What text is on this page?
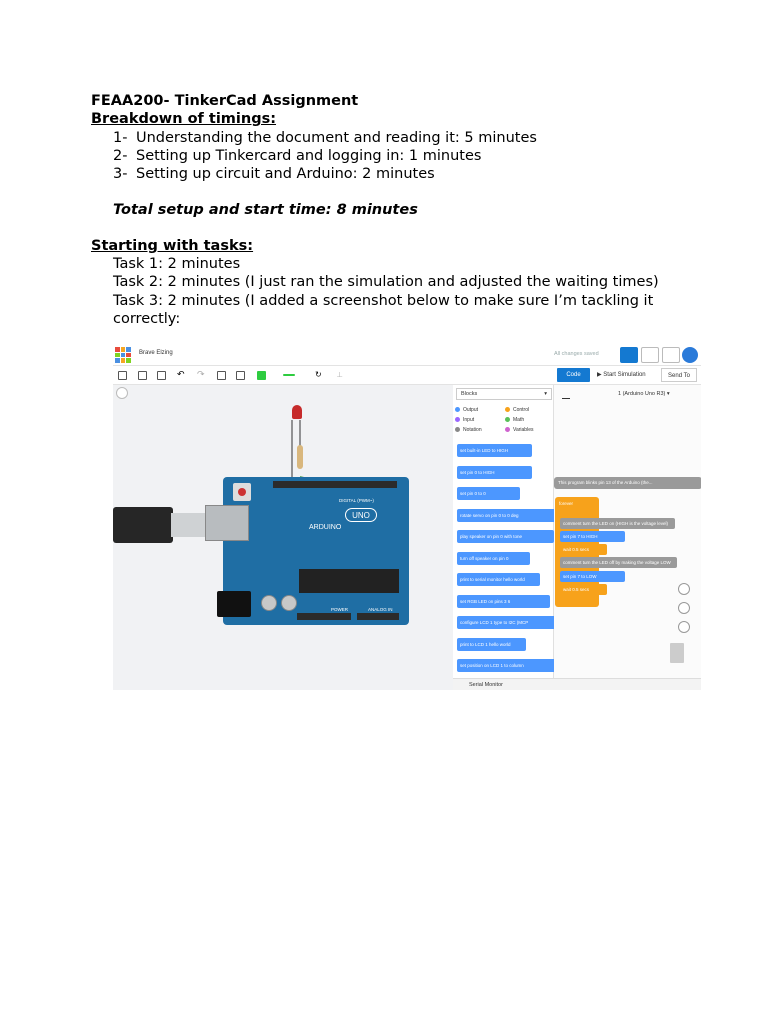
FEAA200- TinkerCad Assignment
Breakdown of timings:
1- Understanding the document and reading it: 5 minutes
2- Setting up Tinkercard and logging in: 1 minutes
3- Setting up circuit and Arduino: 2 minutes
Total setup and start time: 8 minutes
Starting with tasks:
Task 1: 2 minutes
Task 2: 2 minutes (I just ran the simulation and adjusted the waiting times)
Task 3: 2 minutes (I added a screenshot below to make sure I’m tackling it correctly:
Brave Elzing	All changes saved
↶ ↷	↻ ⟂	Code	▶ Start Simulation	Send To
ARDUINO
UNO
DIGITAL (PWM~)
POWER	ANALOG IN
Blocks	▾
Output	Control
Input	Math
Notation	Variables
set built-in LED to HIGH
set pin 0 to HIGH
set pin 0 to 0
rotate servo on pin 0 to 0 deg
play speaker on pin 0 with tone
turn off speaker on pin 0
print to serial monitor hello world
set RGB LED on pins 3 6
configure LCD 1 type to I2C (MCP
print to LCD 1 hello world
set position on LCD 1 to column
1 (Arduino Uno R3) ▾
This program blinks pin 13 of the Arduino (the...
forever
comment turn the LED on (HIGH is the voltage level)
set pin 7 to HIGH
wait 0.5 secs
comment turn the LED off by making the voltage LOW
set pin 7 to LOW
wait 0.5 secs
Serial Monitor
